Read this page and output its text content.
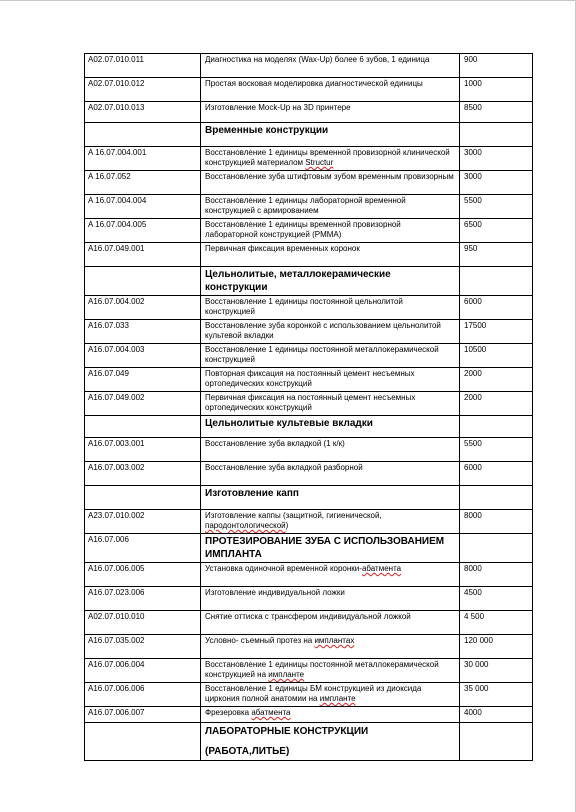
A02.07.010.011	Диагностика на моделях (Wax-Up) более 6 зубов, 1 единица	900
A02.07.010.012	Простая восковая моделировка диагностической единицы	1000
A02.07.010.013	Изготовление Mock-Up на 3D принтере	8500
	Временные конструкции	
A 16.07.004.001	Восстановление 1 единицы временной провизорной клинической конструкцией материалом Structur	3000
A 16.07.052	Восстановление зуба штифтовым зубом временным провизорным	3000
A 16.07.004.004	Восстановление 1 единицы лабораторной временной конструкцией с армированием	5500
A 16.07.004.005	Восстановление 1 единицы временной провизорной лабораторной конструкцией (PMMA)	6500
A16.07.049.001	Первичная фиксация временных коронок	950
	Цельнолитые, металлокерамические конструкции	
A16.07.004.002	Восстановление 1 единицы постоянной цельнолитой конструкцией	6000
A16.07.033	Восстановление зуба коронкой с использованием цельнолитой культевой вкладки	17500
A16.07.004.003	Восстановление 1 единицы постоянной металлокерамической конструкцией	10500
A16.07.049	Повторная фиксация на постоянный цемент несъемных ортопедических конструкций	2000
A16.07.049.002	Первичная фиксация на постоянный цемент несъемных ортопедических конструкций	2000
	Цельнолитые культевые вкладки	
A16.07.003.001	Восстановление зуба вкладкой (1 к/к)	5500
A16.07.003.002	Восстановление зуба вкладкой разборной	6000
	Изготовление капп	
A23.07.010.002	Изготовление каппы (защитной, гигиенической, пародонтологической)	8000
A16.07.006	ПРОТЕЗИРОВАНИЕ ЗУБА С ИСПОЛЬЗОВАНИЕМ ИМПЛАНТА	
A16.07.006.005	Установка одиночной временной коронки-абатмента	8000
A16.07.023.006	Изготовление индивидуальной ложки	4500
A02.07.010.010	Снятие оттиска с трансфером индивидуальной ложкой	4 500
A16.07.035.002	Условно- съемный протез на имплантах	120 000
A16.07.006.004	Восстановление 1 единицы постоянной металлокерамической конструкцией на импланте	30 000
A16.07.006.006	Восстановление 1 единицы БМ конструкцией из диоксида циркония полной анатомии на импланте	35 000
A16.07.006.007	Фрезеровка абатмента	4000

	ЛАБОРАТОРНЫЕ КОНСТРУКЦИИ
(РАБОТА,ЛИТЬЕ)	
